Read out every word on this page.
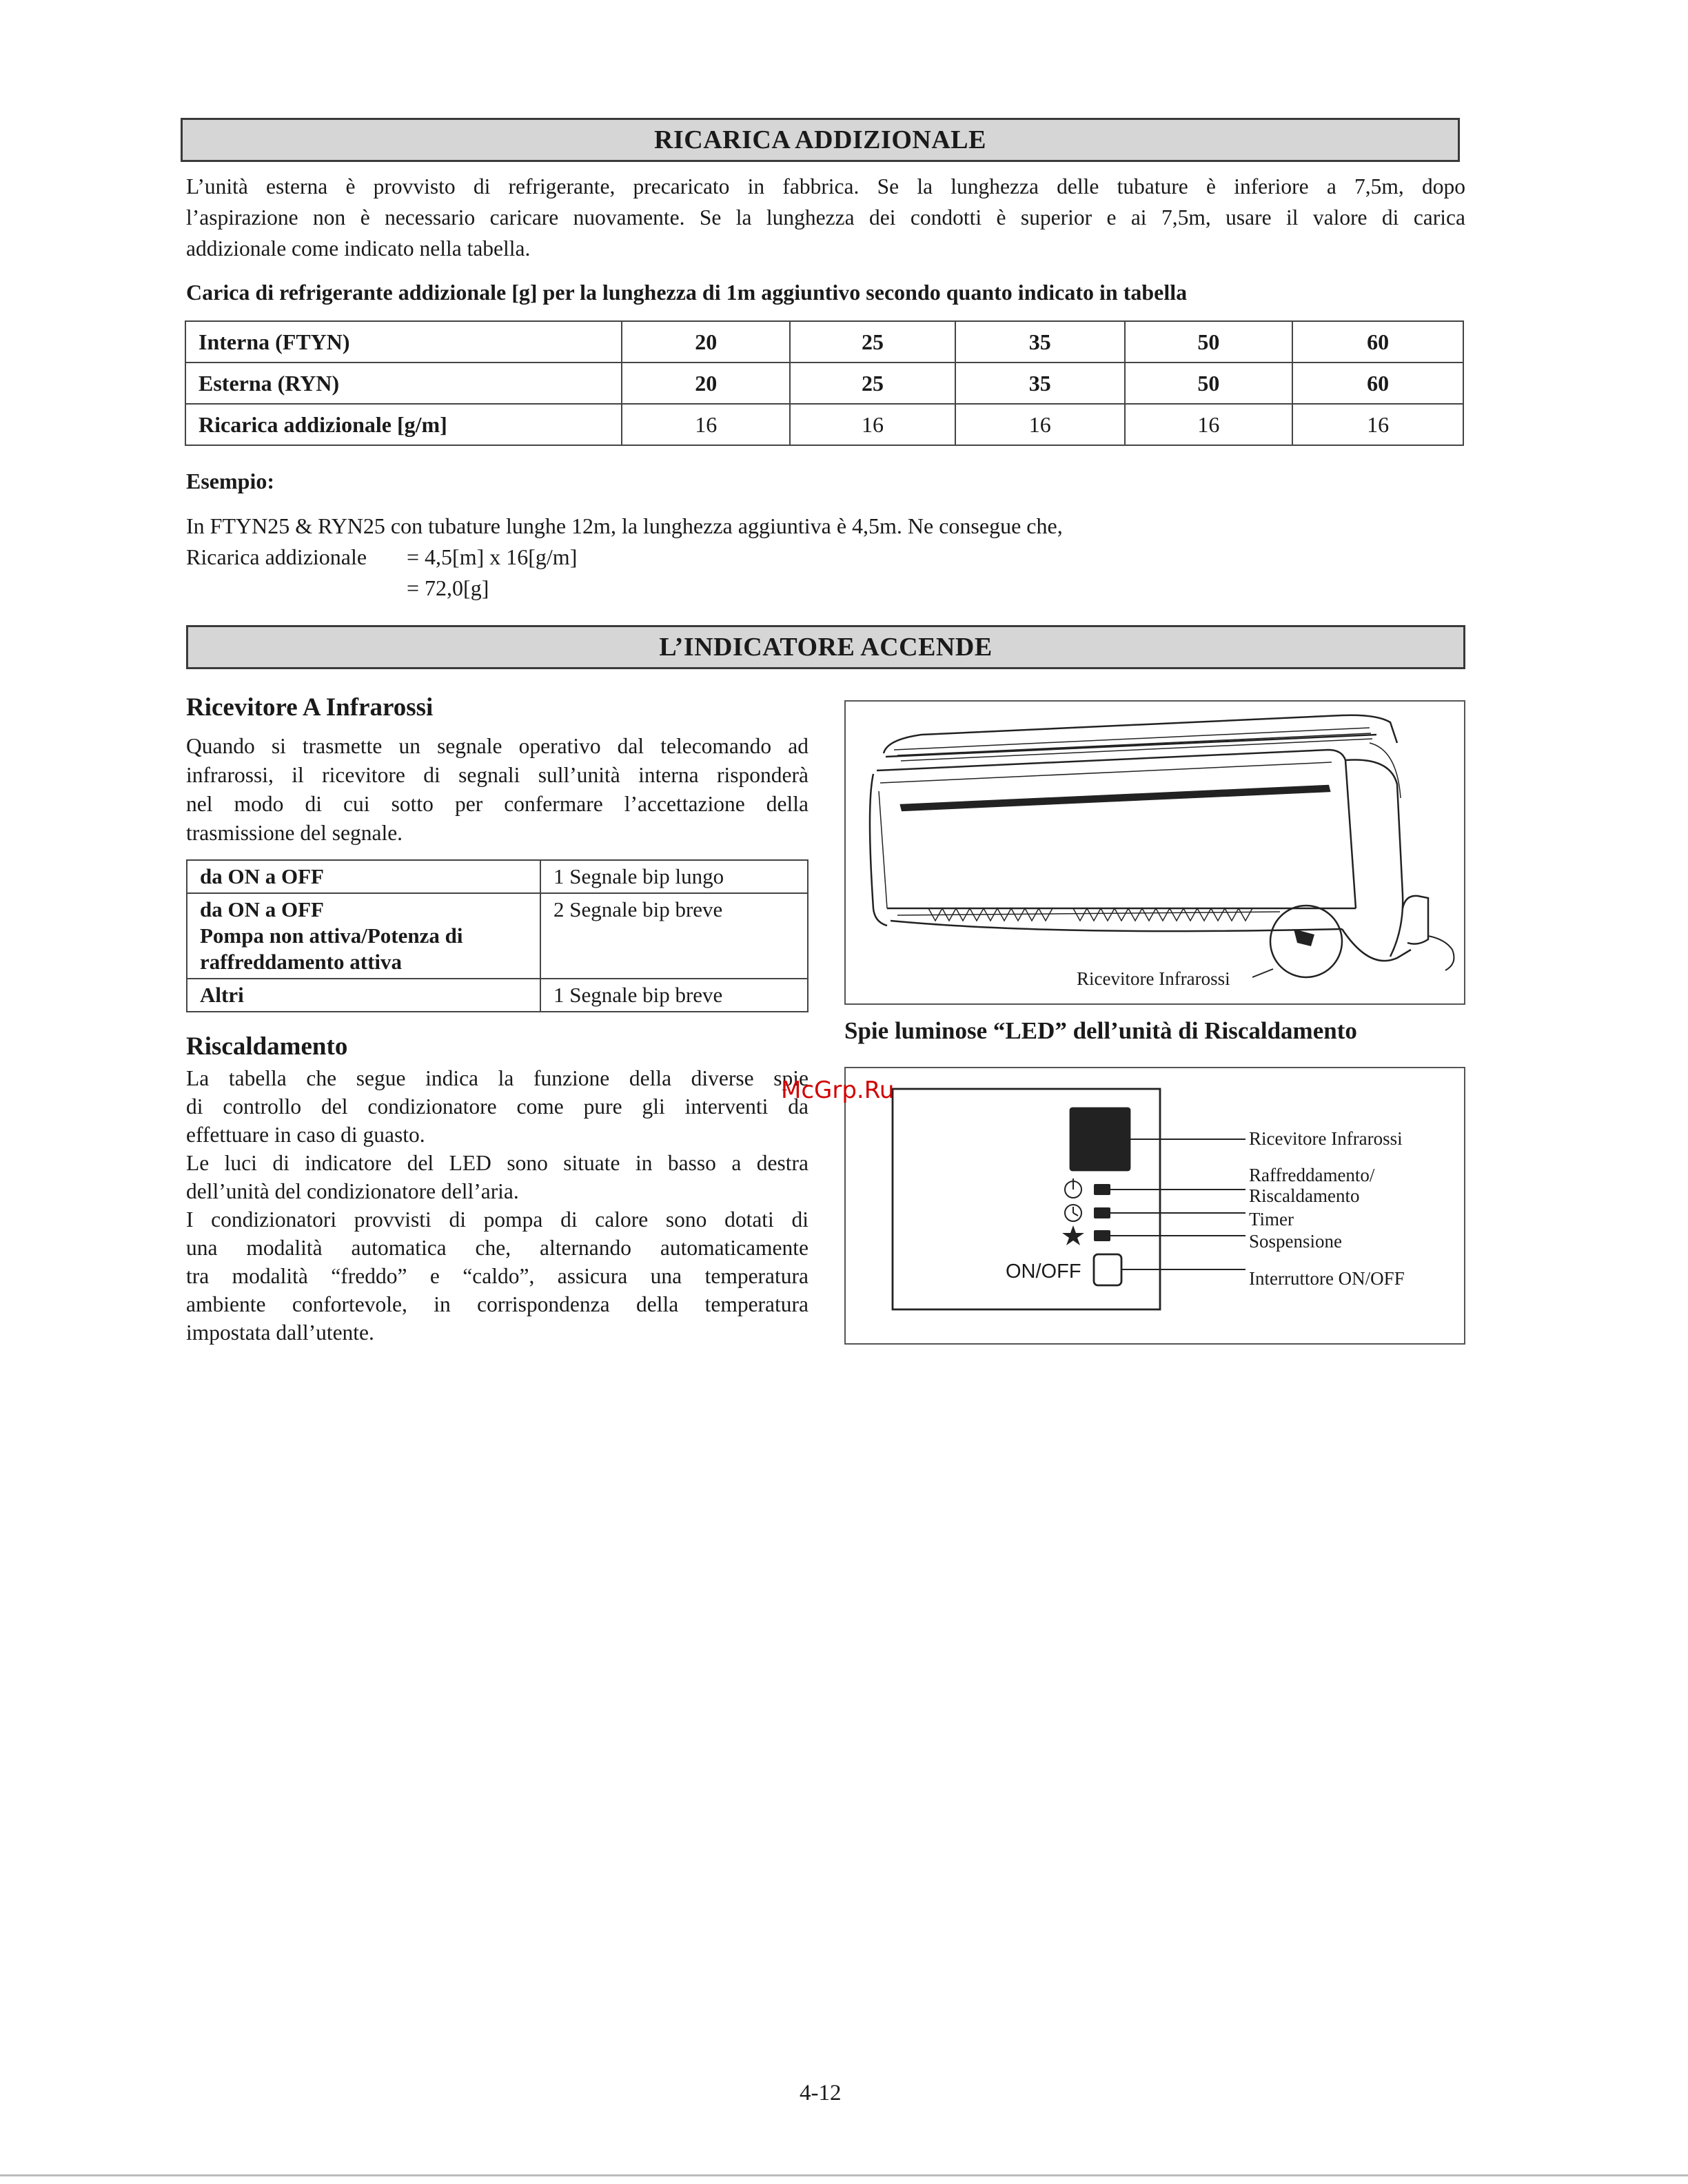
RICARICA ADDIZIONALE

L’unità esterna è provvisto di refrigerante, precaricato in fabbrica. Se la lunghezza delle tubature è inferiore a 7,5m, dopo

l’aspirazione non è necessario caricare nuovamente. Se la lunghezza dei condotti è superior e ai 7,5m, usare il valore di carica

addizionale come indicato nella tabella.

Carica di refrigerante addizionale [g] per la lunghezza di 1m aggiuntivo secondo quanto indicato in tabella
Interna (FTYN)	20	25	35	50	60
Esterna (RYN)	20	25	35	50	60
Ricarica addizionale [g/m]	16	16	16	16	16
Esempio:
In FTYN25 & RYN25 con tubature lunghe 12m, la lunghezza aggiuntiva è 4,5m. Ne consegue che,
Ricarica addizionale = 4,5[m] x 16[g/m]
= 72,0[g]
L’INDICATORE ACCENDE
Ricevitore A Infrarossi

Quando si trasmette un segnale operativo dal telecomando ad

infrarossi, il ricevitore di segnali sull’unità interna risponderà

nel modo di cui sotto per confermare l’accettazione della

trasmissione del segnale.

da ON a OFF	1 Segnale bip lungo

da ON a OFF
Pompa non attiva/Potenza di
raffreddamento attiva	2 Segnale bip breve
Altri	1 Segnale bip breve
Riscaldamento

La tabella che segue indica la funzione della diverse spie

di controllo del condizionatore come pure gli interventi da

effettuare in caso di guasto.

Le luci di indicatore del LED sono situate in basso a destra

dell’unità del condizionatore dell’aria.

I condizionatori provvisti di pompa di calore sono dotati di

una modalità automatica che, alternando automaticamente

tra modalità “freddo” e “caldo”, assicura una temperatura

ambiente confortevole, in corrispondenza della temperatura

impostata dall’utente.

Ricevitore Infrarossi
Spie luminose “LED” dell’unità di Riscaldamento
ON/OFF
Ricevitore Infrarossi
Raffreddamento/
Riscaldamento
Timer
Sospensione
Interruttore ON/OFF
McGrp.Ru
4-12
